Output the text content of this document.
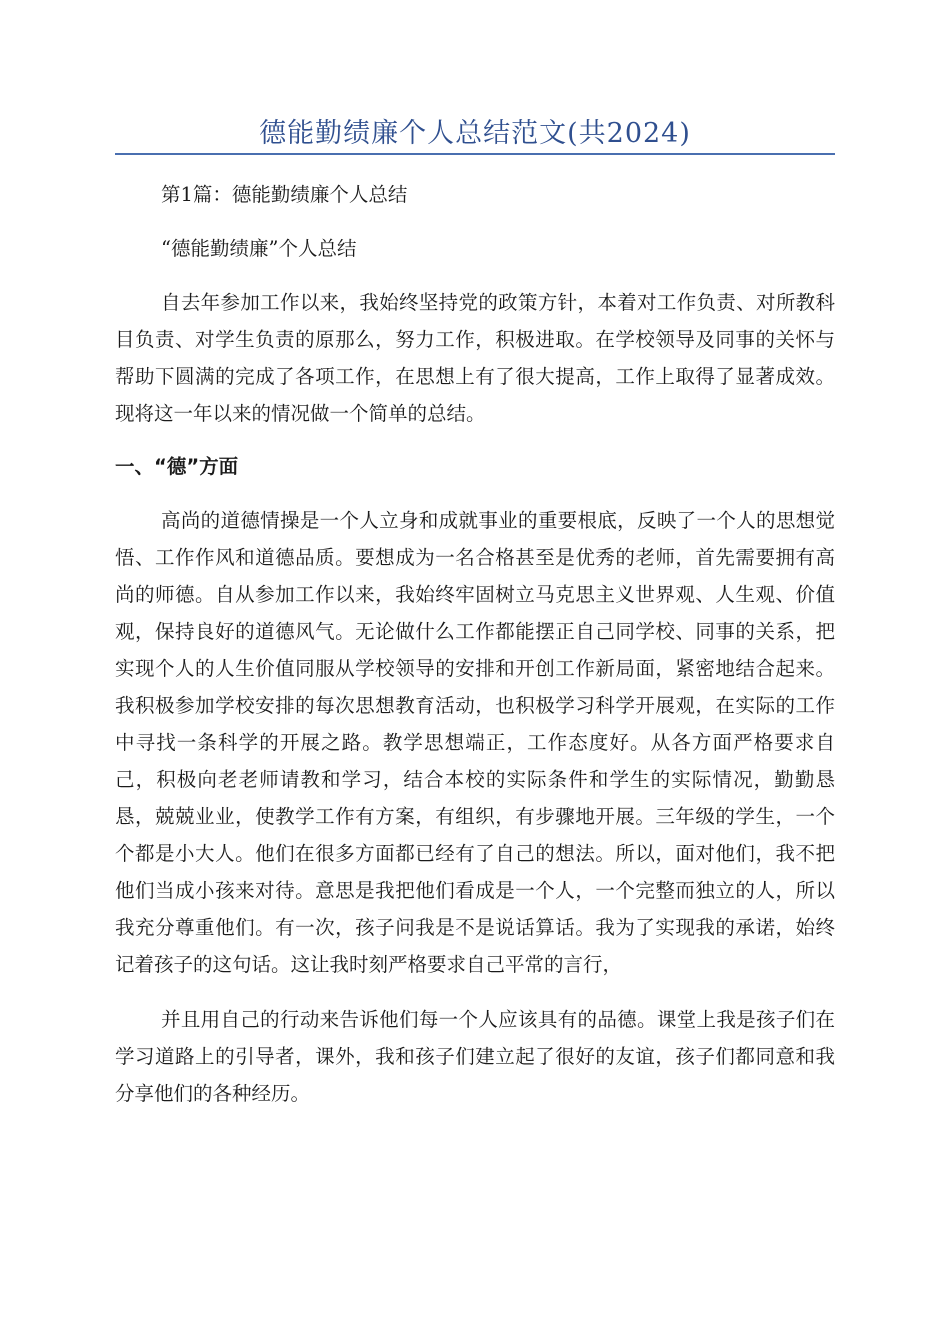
德能勤绩廉个人总结范文(共2024)

第1篇：德能勤绩廉个人总结

“德能勤绩廉”个人总结

自去年参加工作以来，我始终坚持党的政策方针，本着对工作负责、对所教科目负责、对学生负责的原那么，努力工作，积极进取。在学校领导及同事的关怀与帮助下圆满的完成了各项工作，在思想上有了很大提高，工作上取得了显著成效。现将这一年以来的情况做一个简单的总结。

一、“德”方面

高尚的道德情操是一个人立身和成就事业的重要根底，反映了一个人的思想觉悟、工作作风和道德品质。要想成为一名合格甚至是优秀的老师，首先需要拥有高尚的师德。自从参加工作以来，我始终牢固树立马克思主义世界观、人生观、价值观，保持良好的道德风气。无论做什么工作都能摆正自己同学校、同事的关系，把实现个人的人生价值同服从学校领导的安排和开创工作新局面，紧密地结合起来。我积极参加学校安排的每次思想教育活动，也积极学习科学开展观，在实际的工作中寻找一条科学的开展之路。教学思想端正，工作态度好。从各方面严格要求自己，积极向老老师请教和学习，结合本校的实际条件和学生的实际情况，勤勤恳恳，兢兢业业，使教学工作有方案，有组织，有步骤地开展。三年级的学生，一个个都是小大人。他们在很多方面都已经有了自己的想法。所以，面对他们，我不把他们当成小孩来对待。意思是我把他们看成是一个人，一个完整而独立的人，所以我充分尊重他们。有一次，孩子问我是不是说话算话。我为了实现我的承诺，始终记着孩子的这句话。这让我时刻严格要求自己平常的言行，

并且用自己的行动来告诉他们每一个人应该具有的品德。课堂上我是孩子们在学习道路上的引导者，课外，我和孩子们建立起了很好的友谊，孩子们都同意和我分享他们的各种经历。
